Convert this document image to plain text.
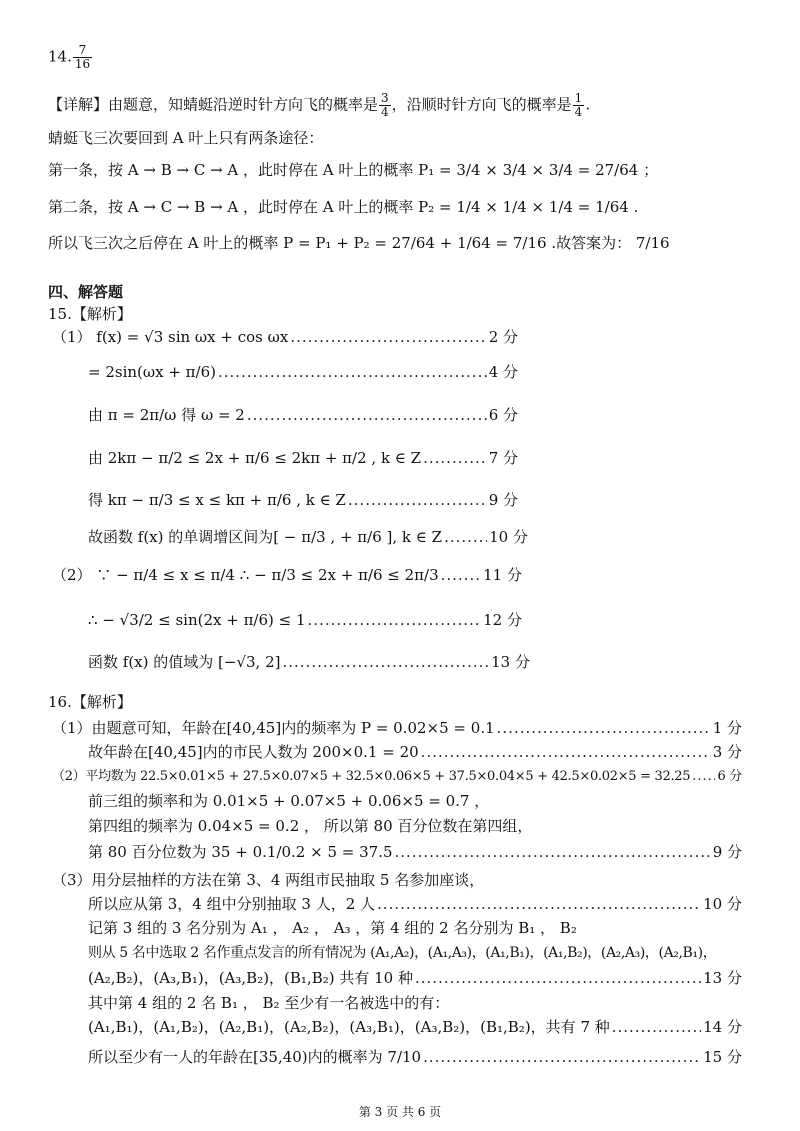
14. $\frac{7}{16}$
【详解】由题意，知蜻蜓沿逆时针方向飞的概率是 $\frac{3}{4}$ ，沿顺时针方向飞的概率是 $\frac{1}{4}$ .
蜻蜓飞三次要回到 A 叶上只有两条途径：
第一条，按 A → B → C → A ，此时停在 A 叶上的概率 P₁ = 3/4 × 3/4 × 3/4 = 27/64 ；
第二条，按 A → C → B → A ，此时停在 A 叶上的概率 P₂ = 1/4 × 1/4 × 1/4 = 1/64 .
所以飞三次之后停在 A 叶上的概率 P = P₁ + P₂ = 27/64 + 1/64 = 7/16 .故答案为： 7/16
四、解答题
15.【解析】
（1） f(x) = √3 sin ωx + cos ωx .....	2 分
= 2sin(ωx + π/6) .....	4 分
由 π = 2π/ω 得 ω = 2 .....	6 分
由 2kπ − π/2 ≤ 2x + π/6 ≤ 2kπ + π/2 , k ∈ Z .....	7 分
得 kπ − π/3 ≤ x ≤ kπ + π/6 , k ∈ Z .....	9 分
故函数 f(x) 的单调增区间为[ − π/3 , + π/6 ], k ∈ Z .....	10 分
（2） ∵ − π/4 ≤ x ≤ π/4 ∴ − π/3 ≤ 2x + π/6 ≤ 2π/3 .....	11 分
∴ − √3/2 ≤ sin(2x + π/6) ≤ 1 .....	12 分
函数 f(x) 的值域为 [−√3, 2] .....	13 分
16.【解析】
（1）由题意可知，年龄在[40,45]内的频率为 P = 0.02×5 = 0.1 .....	1 分
故年龄在[40,45]内的市民人数为 200×0.1 = 20 .....	3 分
（2）平均数为 22.5×0.01×5 + 27.5×0.07×5 + 32.5×0.06×5 + 37.5×0.04×5 + 42.5×0.02×5 = 32.25 ..... 6 分
前三组的频率和为 0.01×5 + 0.07×5 + 0.06×5 = 0.7 ，
第四组的频率为 0.04×5 = 0.2 ， 所以第 80 百分位数在第四组，
第 80 百分位数为 35 + 0.1/0.2 × 5 = 37.5 .....	9 分
（3）用分层抽样的方法在第 3、4 两组市民抽取 5 名参加座谈，
所以应从第 3，4 组中分别抽取 3 人，2 人 .....	10 分
记第 3 组的 3 名分别为 A₁ ， A₂ ， A₃ ，第 4 组的 2 名分别为 B₁ ， B₂
则从 5 名中选取 2 名作重点发言的所有情况为 (A₁,A₂)，(A₁,A₃)，(A₁,B₁)，(A₁,B₂)，(A₂,A₃)，(A₂,B₁)，
(A₂,B₂)，(A₃,B₁)，(A₃,B₂)，(B₁,B₂) 共有 10 种 .....	13 分
其中第 4 组的 2 名 B₁ ， B₂ 至少有一名被选中的有：
(A₁,B₁)，(A₁,B₂)，(A₂,B₁)，(A₂,B₂)，(A₃,B₁)，(A₃,B₂)，(B₁,B₂)，共有 7 种 .....	14 分
所以至少有一人的年龄在[35,40)内的概率为 7/10 .....	15 分
第 3 页 共 6 页
